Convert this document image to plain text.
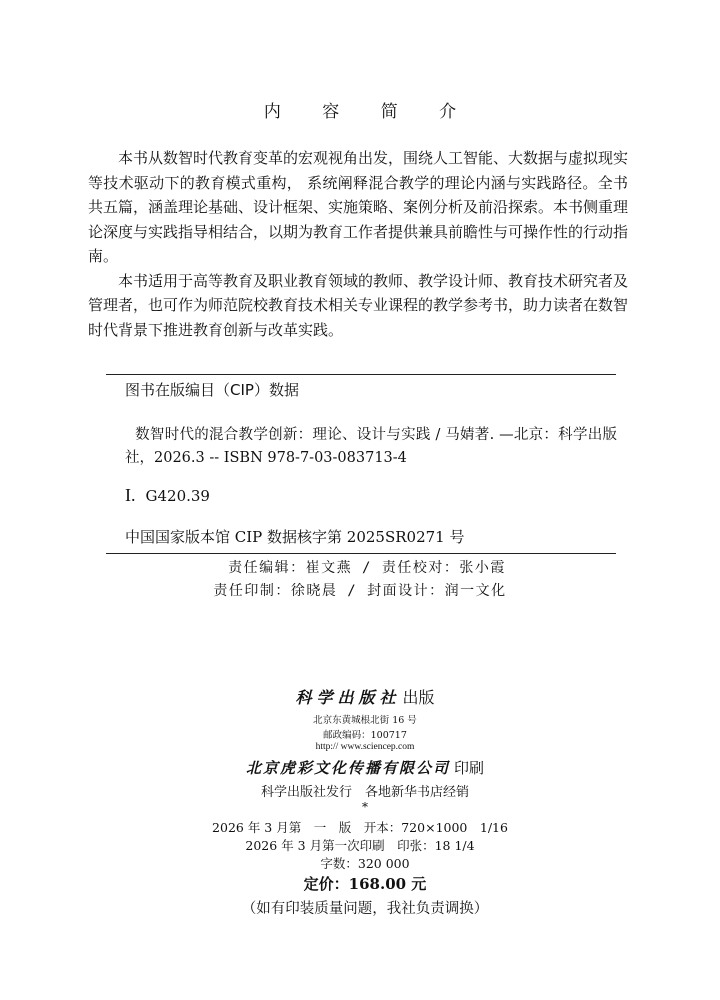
内 容 简 介

本书从数智时代教育变革的宏观视角出发，围绕人工智能、大数据与虚拟现实等技术驱动下的教育模式重构， 系统阐释混合教学的理论内涵与实践路径。全书共五篇，涵盖理论基础、设计框架、实施策略、案例分析及前沿探索。本书侧重理论深度与实践指导相结合，以期为教育工作者提供兼具前瞻性与可操作性的行动指南。

本书适用于高等教育及职业教育领域的教师、教学设计师、教育技术研究者及管理者，也可作为师范院校教育技术相关专业课程的教学参考书，助力读者在数智时代背景下推进教育创新与改革实践。

图书在版编目（CIP）数据

数智时代的混合教学创新：理论、设计与实践 / 马婧著. —北京：科学出版社，2026.3 -- ISBN 978-7-03-083713-4

I. G420.39
中国国家版本馆 CIP 数据核字第 2025SR0271 号
责任编辑：崔文燕 / 责任校对：张小霞
责任印制：徐晓晨 / 封面设计：润一文化
科学出版社 出版
北京东黄城根北街 16 号
邮政编码：100717
http:// www.sciencep.com
北京虎彩文化传播有限公司 印刷
科学出版社发行　各地新华书店经销
*
2026 年 3 月第　一　版　开本：720×1000　1/16
2026 年 3 月第一次印刷　印张：18 1/4
字数：320 000
定价：168.00 元
（如有印装质量问题，我社负责调换）
